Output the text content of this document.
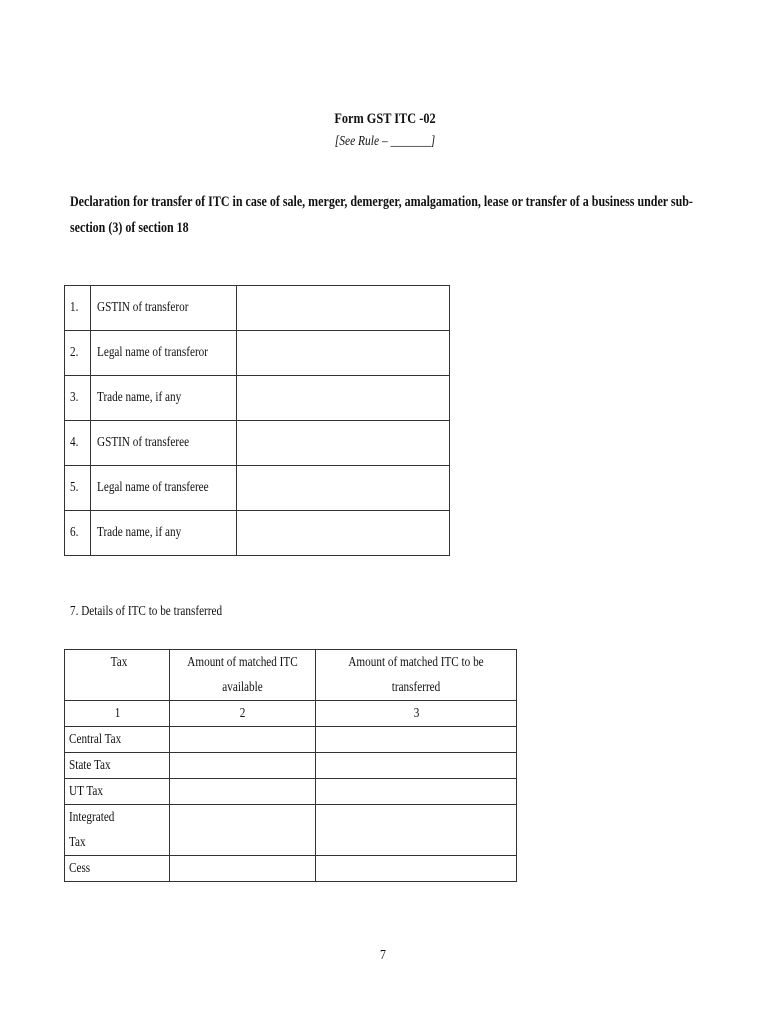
Form GST ITC -02
[See Rule – _______]
Declaration for transfer of ITC in case of sale, merger, demerger, amalgamation, lease or transfer of a business under sub-section (3) of section 18
1.	GSTIN of transferor	
2.	Legal name of transferor	
3.	Trade name, if any	
4.	GSTIN of transferee	
5.	Legal name of transferee	
6.	Trade name, if any	
7. Details of ITC to be transferred
Tax	Amount of matched ITC available	Amount of matched ITC to be transferred
1	2	3
Central Tax		
State Tax		
UT Tax		
Integrated Tax		
Cess		
7
